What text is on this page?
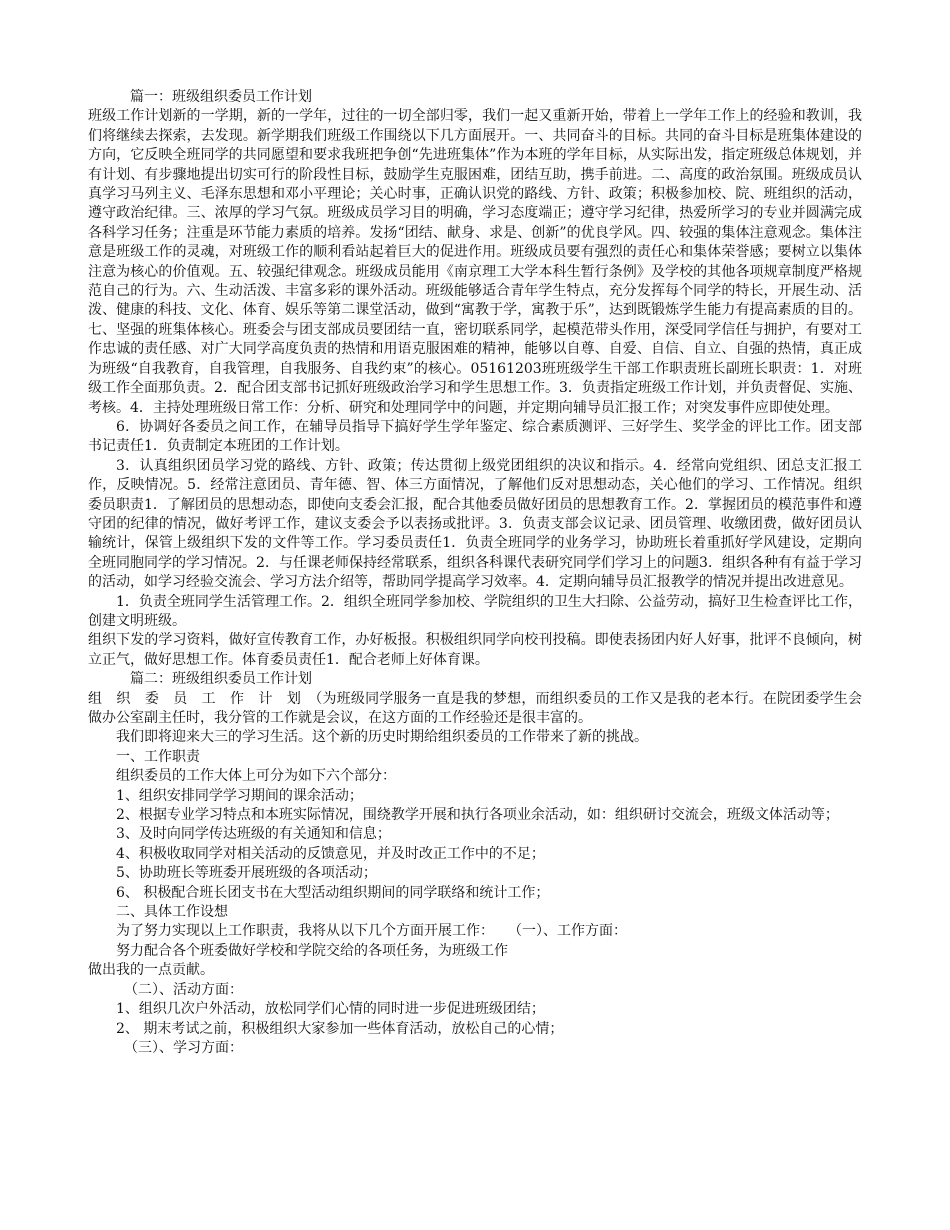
篇一：班级组织委员工作计划

班级工作计划新的一学期，新的一学年，过往的一切全部归零，我们一起又重新开始，带着上一学年工作上的经验和教训，我们将继续去探索，去发现。新学期我们班级工作围绕以下几方面展开。一、共同奋斗的目标。共同的奋斗目标是班集体建设的方向，它反映全班同学的共同愿望和要求我班把争创“先进班集体”作为本班的学年目标，从实际出发，指定班级总体规划，并有计划、有步骤地提出切实可行的阶段性目标，鼓励学生克服困难，团结互助，携手前进。二、高度的政治氛围。班级成员认真学习马列主义、毛泽东思想和邓小平理论；关心时事，正确认识党的路线、方针、政策；积极参加校、院、班组织的活动，遵守政治纪律。三、浓厚的学习气氛。班级成员学习目的明确，学习态度端正；遵守学习纪律，热爱所学习的专业并圆满完成各科学习任务；注重是环节能力素质的培养。发扬“团结、献身、求是、创新”的优良学风。四、较强的集体注意观念。集体注意是班级工作的灵魂，对班级工作的顺利看站起着巨大的促进作用。班级成员要有强烈的责任心和集体荣誉感；要树立以集体注意为核心的价值观。五、较强纪律观念。班级成员能用《南京理工大学本科生暂行条例》及学校的其他各项规章制度严格规范自己的行为。六、生动活泼、丰富多彩的课外活动。班级能够适合青年学生特点，充分发挥每个同学的特长，开展生动、活泼、健康的科技、文化、体育、娱乐等第二课堂活动，做到“寓教于学，寓教于乐”，达到既锻炼学生能力有提高素质的目的。七、坚强的班集体核心。班委会与团支部成员要团结一直，密切联系同学，起模范带头作用，深受同学信任与拥护，有要对工作忠诚的责任感、对广大同学高度负责的热情和用语克服困难的精神，能够以自尊、自爱、自信、自立、自强的热情，真正成为班级“自我教育，自我管理，自我服务、自我约束”的核心。05161203班班级学生干部工作职责班长副班长职责：1．对班级工作全面那负责。2．配合团支部书记抓好班级政治学习和学生思想工作。3．负责指定班级工作计划，并负责督促、实施、考核。4．主持处理班级日常工作：分析、研究和处理同学中的问题，并定期向辅导员汇报工作；对突发事件应即使处理。

6．协调好各委员之间工作，在辅导员指导下搞好学生学年鉴定、综合素质测评、三好学生、奖学金的评比工作。团支部书记责任1．负责制定本班团的工作计划。

3．认真组织团员学习党的路线、方针、政策；传达贯彻上级党团组织的决议和指示。4．经常向党组织、团总支汇报工作，反映情况。5．经常注意团员、青年德、智、体三方面情况，了解他们反对思想动态，关心他们的学习、工作情况。组织委员职责1．了解团员的思想动态，即使向支委会汇报，配合其他委员做好团员的思想教育工作。2．掌握团员的模范事件和遵守团的纪律的情况，做好考评工作，建议支委会予以表扬或批评。3．负责支部会议记录、团员管理、收缴团费，做好团员认输统计，保管上级组织下发的文件等工作。学习委员责任1．负责全班同学的业务学习，协助班长着重抓好学风建设，定期向全班同胞同学的学习情况。2．与任课老师保持经常联系，组织各科课代表研究同学们学习上的问题3．组织各种有有益于学习的活动，如学习经验交流会、学习方法介绍等，帮助同学提高学习效率。4．定期向辅导员汇报教学的情况并提出改进意见。

1．负责全班同学生活管理工作。2．组织全班同学参加校、学院组织的卫生大扫除、公益劳动，搞好卫生检查评比工作，创建文明班级。

组织下发的学习资料，做好宣传教育工作，办好板报。积极组织同学向校刊投稿。即使表扬团内好人好事，批评不良倾向，树立正气，做好思想工作。体育委员责任1．配合老师上好体育课。

篇二：班级组织委员工作计划

组　织　委　员　工　作　计　划　（为班级同学服务一直是我的梦想，而组织委员的工作又是我的老本行。在院团委学生会做办公室副主任时，我分管的工作就是会议，在这方面的工作经验还是很丰富的。

我们即将迎来大三的学习生活。这个新的历史时期给组织委员的工作带来了新的挑战。

一、工作职责

组织委员的工作大体上可分为如下六个部分：

1、组织安排同学学习期间的课余活动；

2、根据专业学习特点和本班实际情况，围绕教学开展和执行各项业余活动，如：组织研讨交流会，班级文体活动等；

3、及时向同学传达班级的有关通知和信息；

4、积极收取同学对相关活动的反馈意见，并及时改正工作中的不足；

5、协助班长等班委开展班级的各项活动；

6、 积极配合班长团支书在大型活动组织期间的同学联络和统计工作；

二、具体工作设想

为了努力实现以上工作职责，我将从以下几个方面开展工作：　　（一）、工作方面：

努力配合各个班委做好学校和学院交给的各项任务，为班级工作

做出我的一点贡献。

（二）、活动方面：

1、组织几次户外活动，放松同学们心情的同时进一步促进班级团结；

2、 期末考试之前，积极组织大家参加一些体育活动，放松自己的心情；

（三）、学习方面：
